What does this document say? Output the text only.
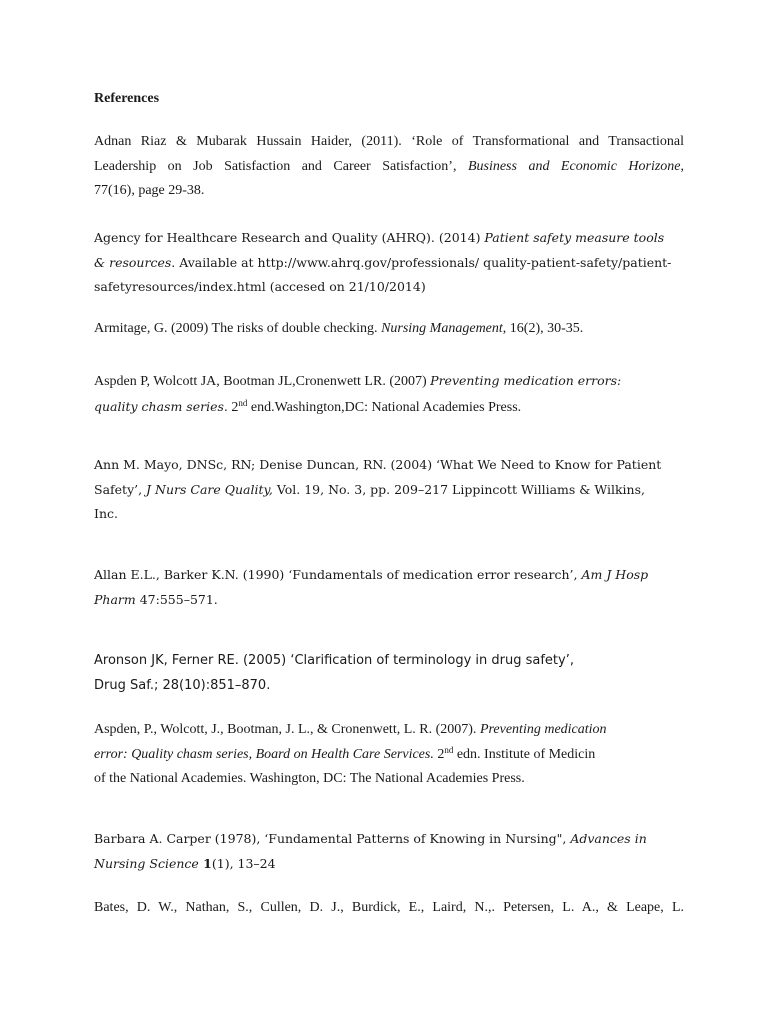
References
Adnan Riaz & Mubarak Hussain Haider, (2011). ‘Role of Transformational and Transactional
Leadership on Job Satisfaction and Career Satisfaction’, Business and Economic Horizone,
77(16), page 29-38.
Agency for Healthcare Research and Quality (AHRQ). (2014) Patient safety measure tools
& resources. Available at http://www.ahrq.gov/professionals/ quality-patient-safety/patient-
safetyresources/index.html (accesed on 21/10/2014)
Armitage, G. (2009) The risks of double checking. Nursing Management, 16(2), 30-35.
Aspden P, Wolcott JA, Bootman JL,Cronenwett LR. (2007) Preventing medication errors:
quality chasm series. 2nd end.Washington,DC: National Academies Press.
Ann M. Mayo, DNSc, RN; Denise Duncan, RN. (2004) ‘What We Need to Know for Patient
Safety’, J Nurs Care Quality, Vol. 19, No. 3, pp. 209–217 Lippincott Williams & Wilkins,
Inc.
Allan E.L., Barker K.N. (1990) ‘Fundamentals of medication error research’, Am J Hosp
Pharm 47:555–571.
Aronson JK, Ferner RE. (2005) ‘Clarification of terminology in drug safety’,
Drug Saf.; 28(10):851–870.
Aspden, P., Wolcott, J., Bootman, J. L., & Cronenwett, L. R. (2007). Preventing medication
error: Quality chasm series, Board on Health Care Services. 2nd edn. Institute of Medicin
of the National Academies. Washington, DC: The National Academies Press.
Barbara A. Carper (1978), ‘Fundamental Patterns of Knowing in Nursing", Advances in
Nursing Science 1(1), 13–24
Bates, D. W., Nathan, S., Cullen, D. J., Burdick, E., Laird, N.,. Petersen, L. A., & Leape, L.
